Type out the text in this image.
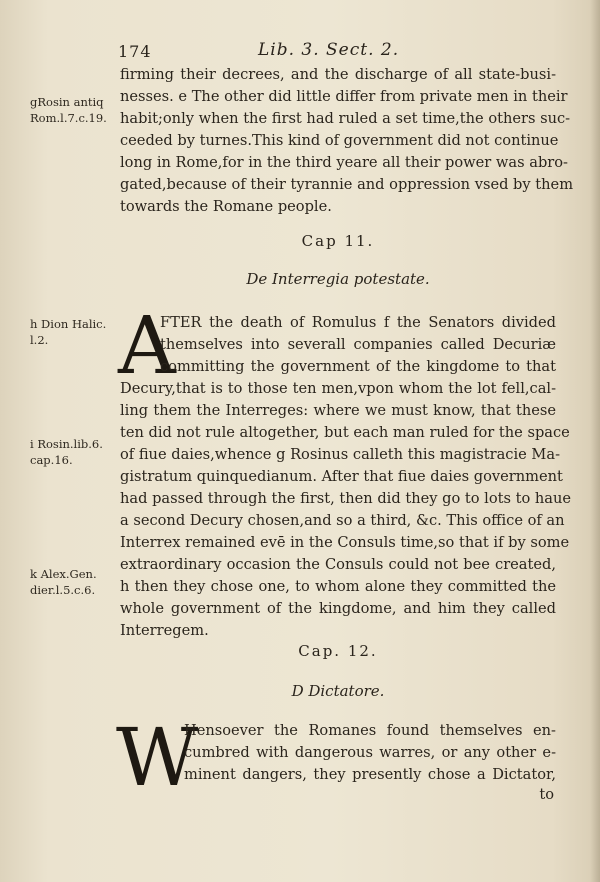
174	Lib. 3. Sect. 2.
firming their decrees, and the discharge of all state-busi-
nesses. e The other did little differ from private men in their
habit;only when the first had ruled a set time,the others suc-
ceeded by turnes.This kind of government did not continue
long in Rome,for in the third yeare all their power was abro-
gated,because of their tyrannie and oppression vsed by them
towards the Romane people.
gRosin antiq
Rom.l.7.c.19.
Cap 11.
De Interregia potestate.
A
FTER the death of Romulus f the Senators divided
themselves into severall companies called Decuriæ
committing the government of the kingdome to that
Decury,that is to those ten men,vpon whom the lot fell,cal-
ling them the Interreges: where we must know, that these
ten did not rule altogether, but each man ruled for the space
of fiue daies,whence g Rosinus calleth this magistracie Ma-
gistratum quinquedianum. After that fiue daies government
had passed through the first, then did they go to lots to haue
a second Decury chosen,and so a third, &c. This office of an
Interrex remained evē in the Consuls time,so that if by some
extraordinary occasion the Consuls could not bee created,
h then they chose one, to whom alone they committed the
whole government of the kingdome, and him they called
Interregem.
h Dion Halic.
l.2.
i Rosin.lib.6.
cap.16.
k Alex.Gen.
dier.l.5.c.6.
Cap. 12.
D Dictatore.
W
Hensoever the Romanes found themselves en-
cumbred with dangerous warres, or any other e-
minent dangers, they presently chose a Dictator,
to
